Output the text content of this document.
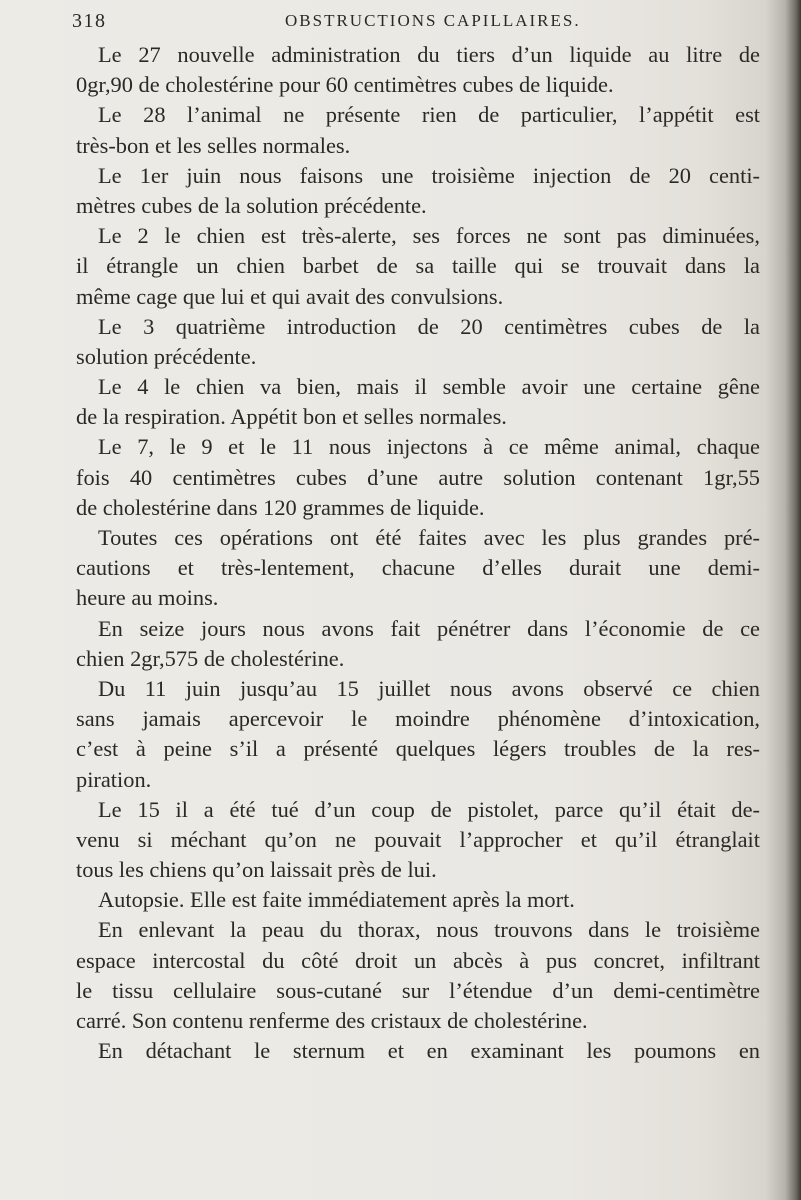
318	OBSTRUCTIONS CAPILLAIRES.
Le 27 nouvelle administration du tiers d’un liquide au litre de
0gr,90 de cholestérine pour 60 centimètres cubes de liquide.
Le 28 l’animal ne présente rien de particulier, l’appétit est
très-bon et les selles normales.
Le 1er juin nous faisons une troisième injection de 20 centi-
mètres cubes de la solution précédente.
Le 2 le chien est très-alerte, ses forces ne sont pas diminuées,
il étrangle un chien barbet de sa taille qui se trouvait dans la
même cage que lui et qui avait des convulsions.
Le 3 quatrième introduction de 20 centimètres cubes de la
solution précédente.
Le 4 le chien va bien, mais il semble avoir une certaine gêne
de la respiration. Appétit bon et selles normales.
Le 7, le 9 et le 11 nous injectons à ce même animal, chaque
fois 40 centimètres cubes d’une autre solution contenant 1gr,55
de cholestérine dans 120 grammes de liquide.
Toutes ces opérations ont été faites avec les plus grandes pré-
cautions et très-lentement, chacune d’elles durait une demi-
heure au moins.
En seize jours nous avons fait pénétrer dans l’économie de ce
chien 2gr,575 de cholestérine.
Du 11 juin jusqu’au 15 juillet nous avons observé ce chien
sans jamais apercevoir le moindre phénomène d’intoxication,
c’est à peine s’il a présenté quelques légers troubles de la res-
piration.
Le 15 il a été tué d’un coup de pistolet, parce qu’il était de-
venu si méchant qu’on ne pouvait l’approcher et qu’il étranglait
tous les chiens qu’on laissait près de lui.
Autopsie. Elle est faite immédiatement après la mort.
En enlevant la peau du thorax, nous trouvons dans le troisième
espace intercostal du côté droit un abcès à pus concret, infiltrant
le tissu cellulaire sous-cutané sur l’étendue d’un demi-centimètre
carré. Son contenu renferme des cristaux de cholestérine.
En détachant le sternum et en examinant les poumons en
